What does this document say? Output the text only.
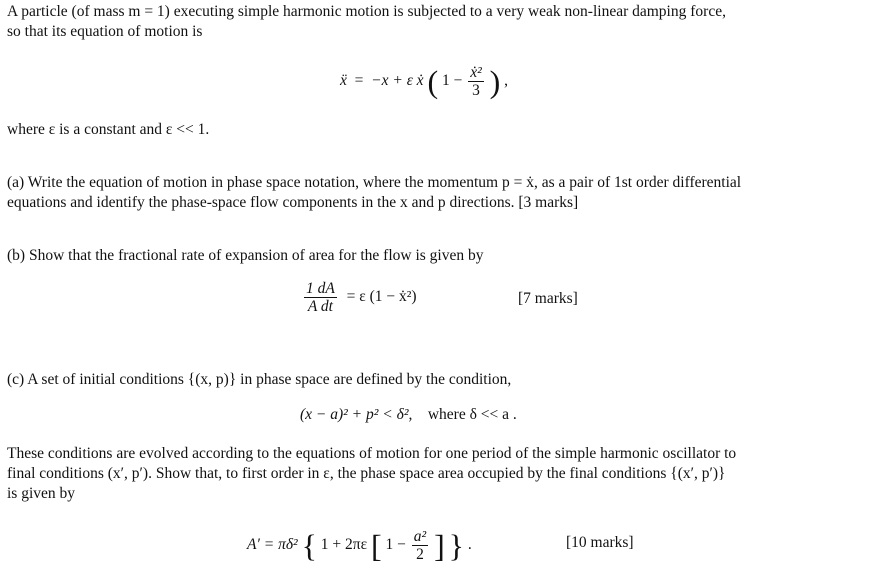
A particle (of mass m = 1) executing simple harmonic motion is subjected to a very weak non-linear damping force,
so that its equation of motion is
ẍ = −x + ε ẋ ( $1 - \frac{\text{ẋ²}}{3}$ ) ,
where ε is a constant and ε << 1.
(a) Write the equation of motion in phase space notation, where the momentum p = ẋ, as a pair of 1st order differential
equations and identify the phase-space flow components in the x and p directions. [3 marks]
(b) Show that the fractional rate of expansion of area for the flow is given by
$\frac{1 dA}{\text{A dt}} = \varepsilon$ (1 − ẋ²)	[7 marks]
(c) A set of initial conditions {(x, p)} in phase space are defined by the condition,
(x − a)² + p² < δ², where δ << a .
These conditions are evolved according to the equations of motion for one period of the simple harmonic oscillator to
final conditions (x′, p′). Show that, to first order in ε, the phase space area occupied by the final conditions {(x′, p′)}
is given by
A′ = πδ² { 1 + 2πε [ $1 - \frac{\text{a²}}{2}$ ] } .	[10 marks]
